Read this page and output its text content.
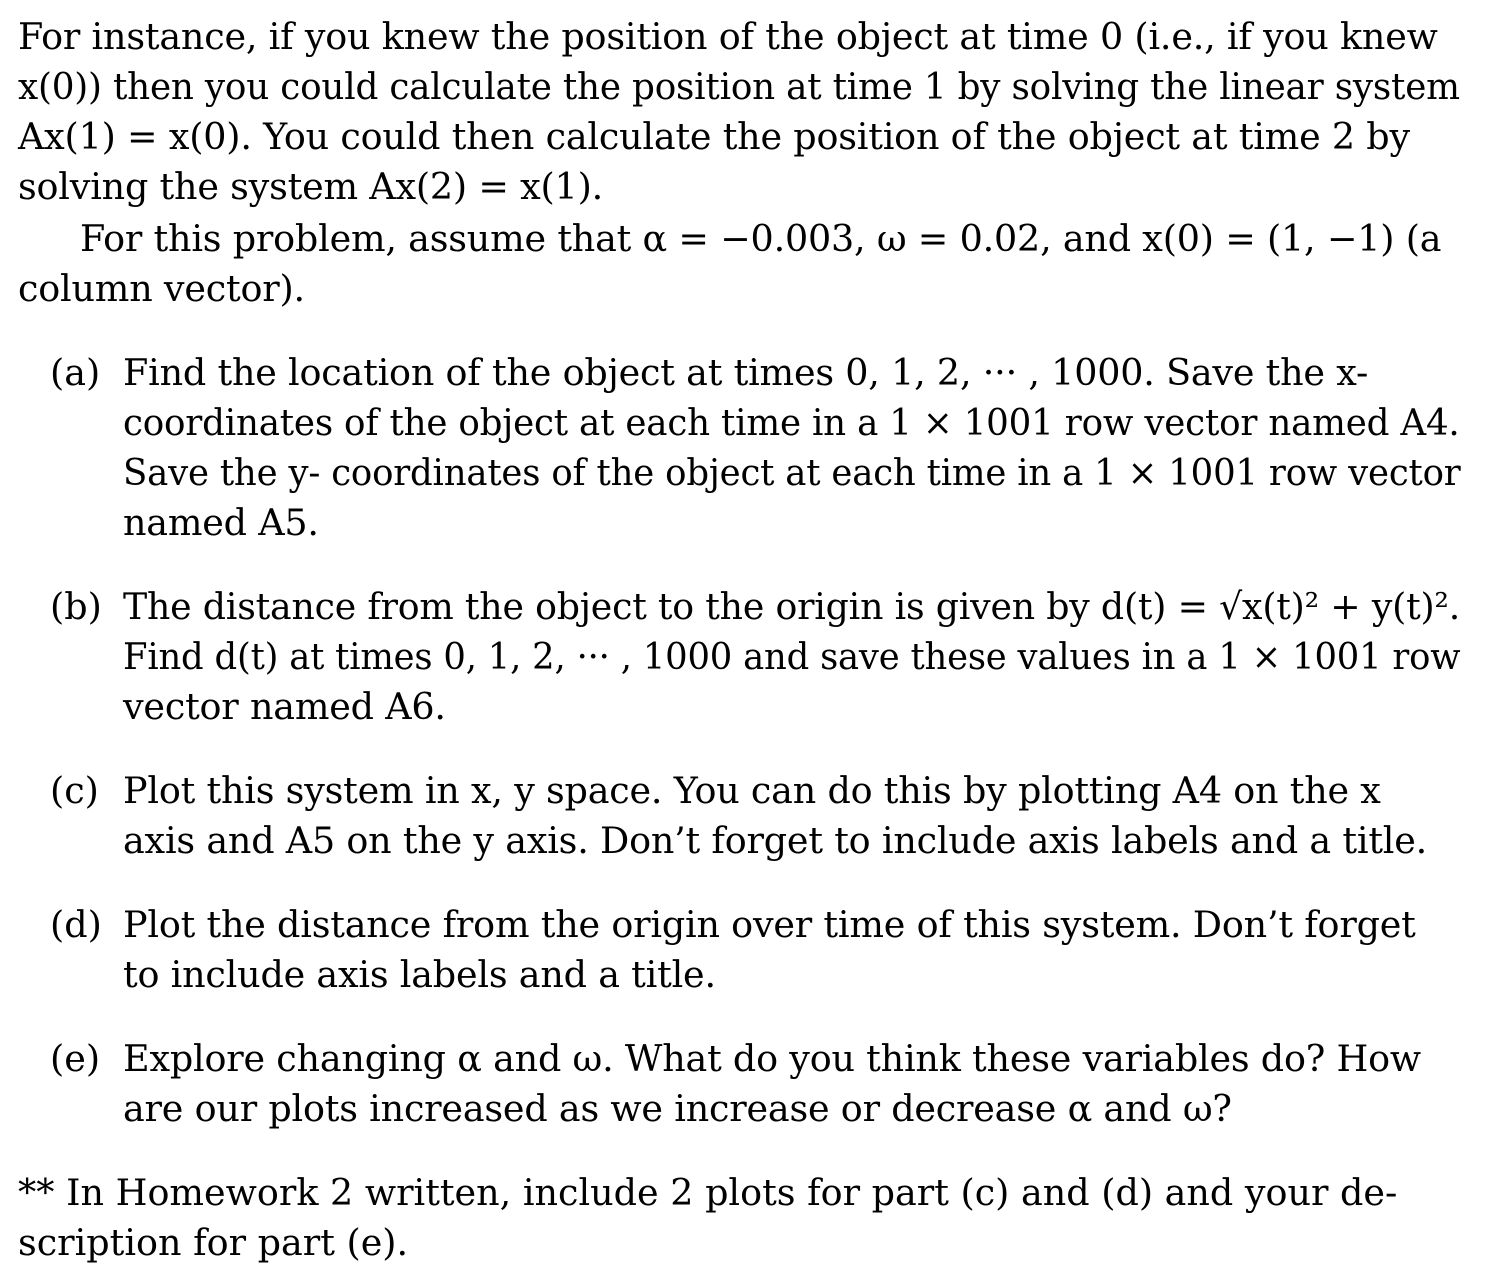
For instance, if you knew the position of the object at time 0 (i.e., if you knew
x(0)) then you could calculate the position at time 1 by solving the linear system
Ax(1) = x(0). You could then calculate the position of the object at time 2 by
solving the system Ax(2) = x(1).
For this problem, assume that α = −0.003, ω = 0.02, and x(0) = (1, −1) (a
column vector).
(a) Find the location of the object at times 0, 1, 2, ··· , 1000. Save the x-
coordinates of the object at each time in a 1 × 1001 row vector named A4.
Save the y- coordinates of the object at each time in a 1 × 1001 row vector
named A5.
(b) The distance from the object to the origin is given by d(t) = √x(t)² + y(t)².
Find d(t) at times 0, 1, 2, ··· , 1000 and save these values in a 1 × 1001 row
vector named A6.
(c) Plot this system in x, y space. You can do this by plotting A4 on the x
axis and A5 on the y axis. Don’t forget to include axis labels and a title.
(d) Plot the distance from the origin over time of this system. Don’t forget
to include axis labels and a title.
(e) Explore changing α and ω. What do you think these variables do? How
are our plots increased as we increase or decrease α and ω?
** In Homework 2 written, include 2 plots for part (c) and (d) and your de-
scription for part (e).
